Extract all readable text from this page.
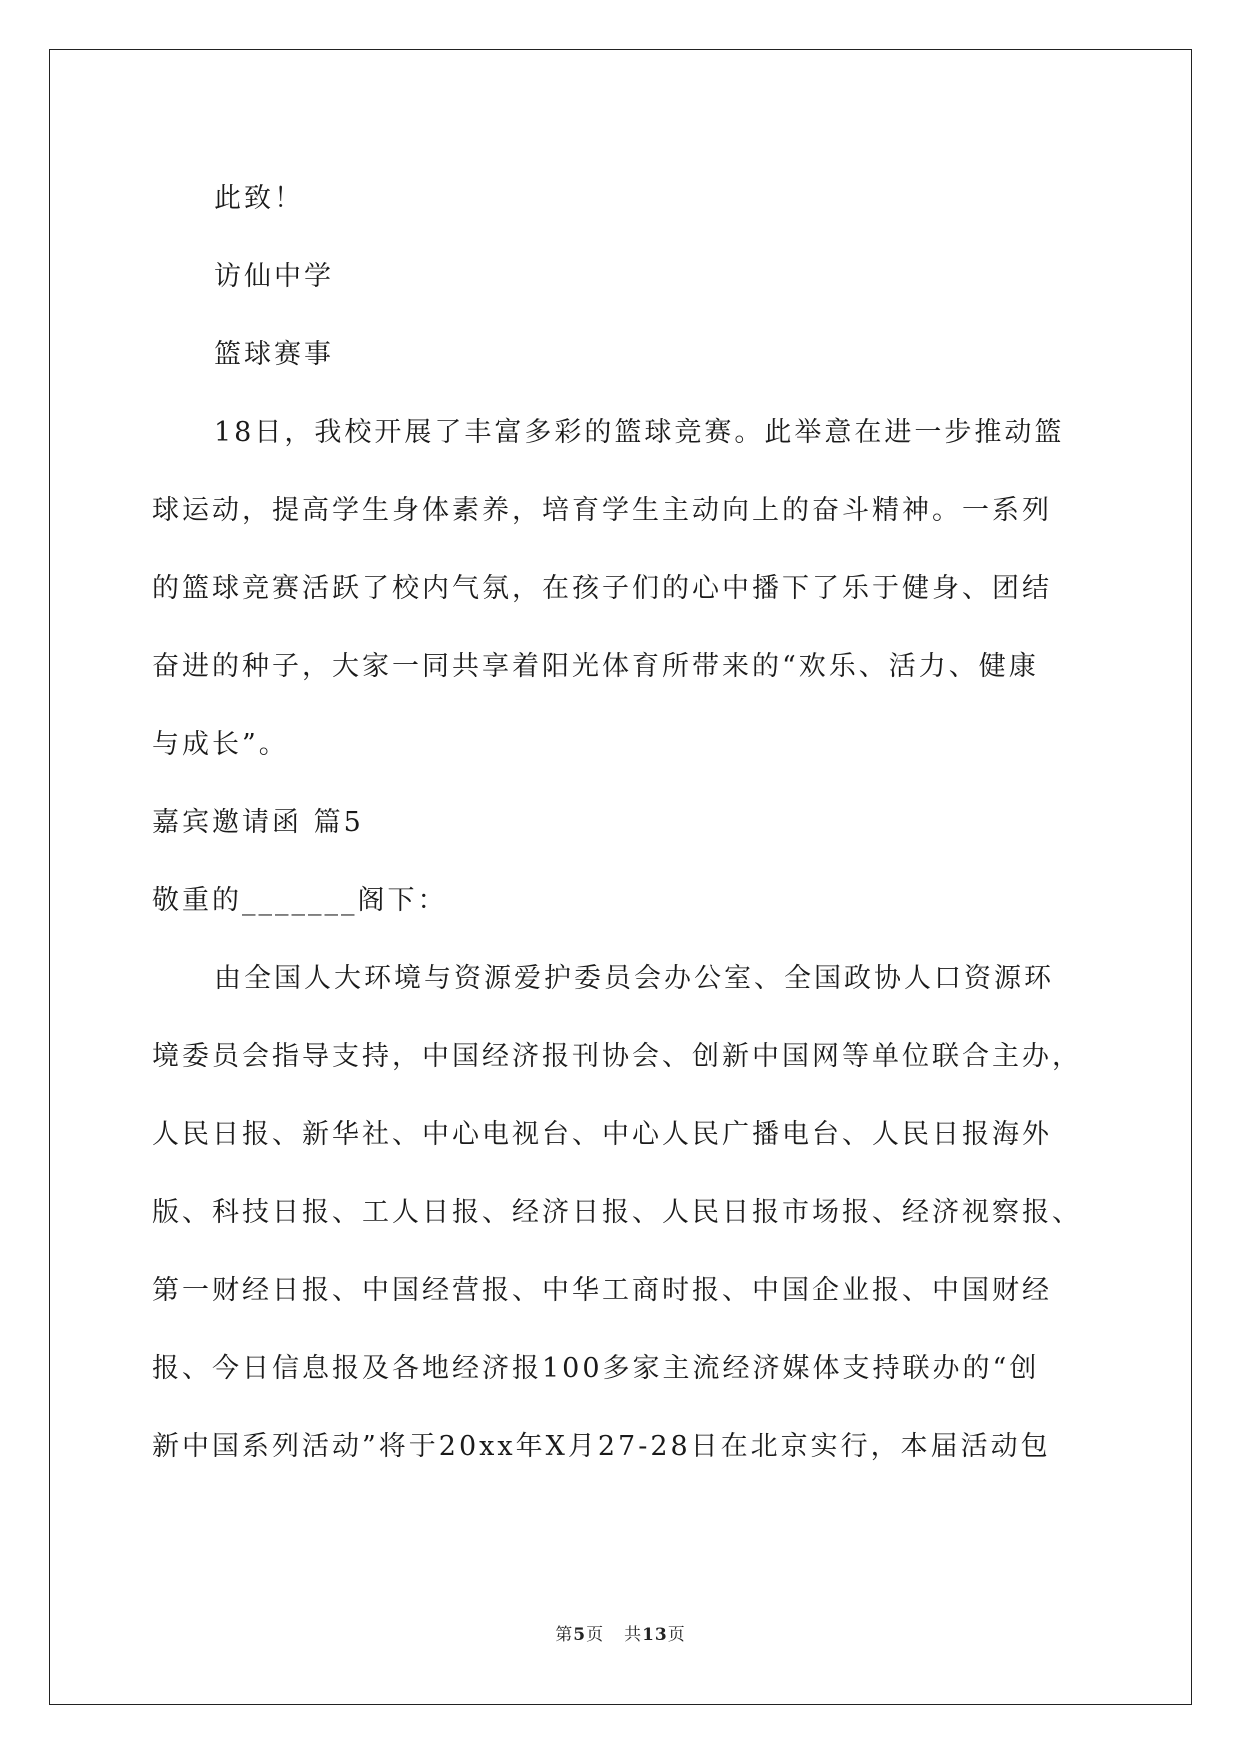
此致！
访仙中学
篮球赛事
18日，我校开展了丰富多彩的篮球竞赛。此举意在进一步推动篮
球运动，提高学生身体素养，培育学生主动向上的奋斗精神。一系列
的篮球竞赛活跃了校内气氛，在孩子们的心中播下了乐于健身、团结
奋进的种子，大家一同共享着阳光体育所带来的“欢乐、活力、健康
与成长”。
嘉宾邀请函 篇5
敬重的_______阁下：
由全国人大环境与资源爱护委员会办公室、全国政协人口资源环
境委员会指导支持，中国经济报刊协会、创新中国网等单位联合主办，
人民日报、新华社、中心电视台、中心人民广播电台、人民日报海外
版、科技日报、工人日报、经济日报、人民日报市场报、经济视察报、
第一财经日报、中国经营报、中华工商时报、中国企业报、中国财经
报、今日信息报及各地经济报100多家主流经济媒体支持联办的“创
新中国系列活动”将于20xx年X月27-28日在北京实行，本届活动包
第5页 共13页
